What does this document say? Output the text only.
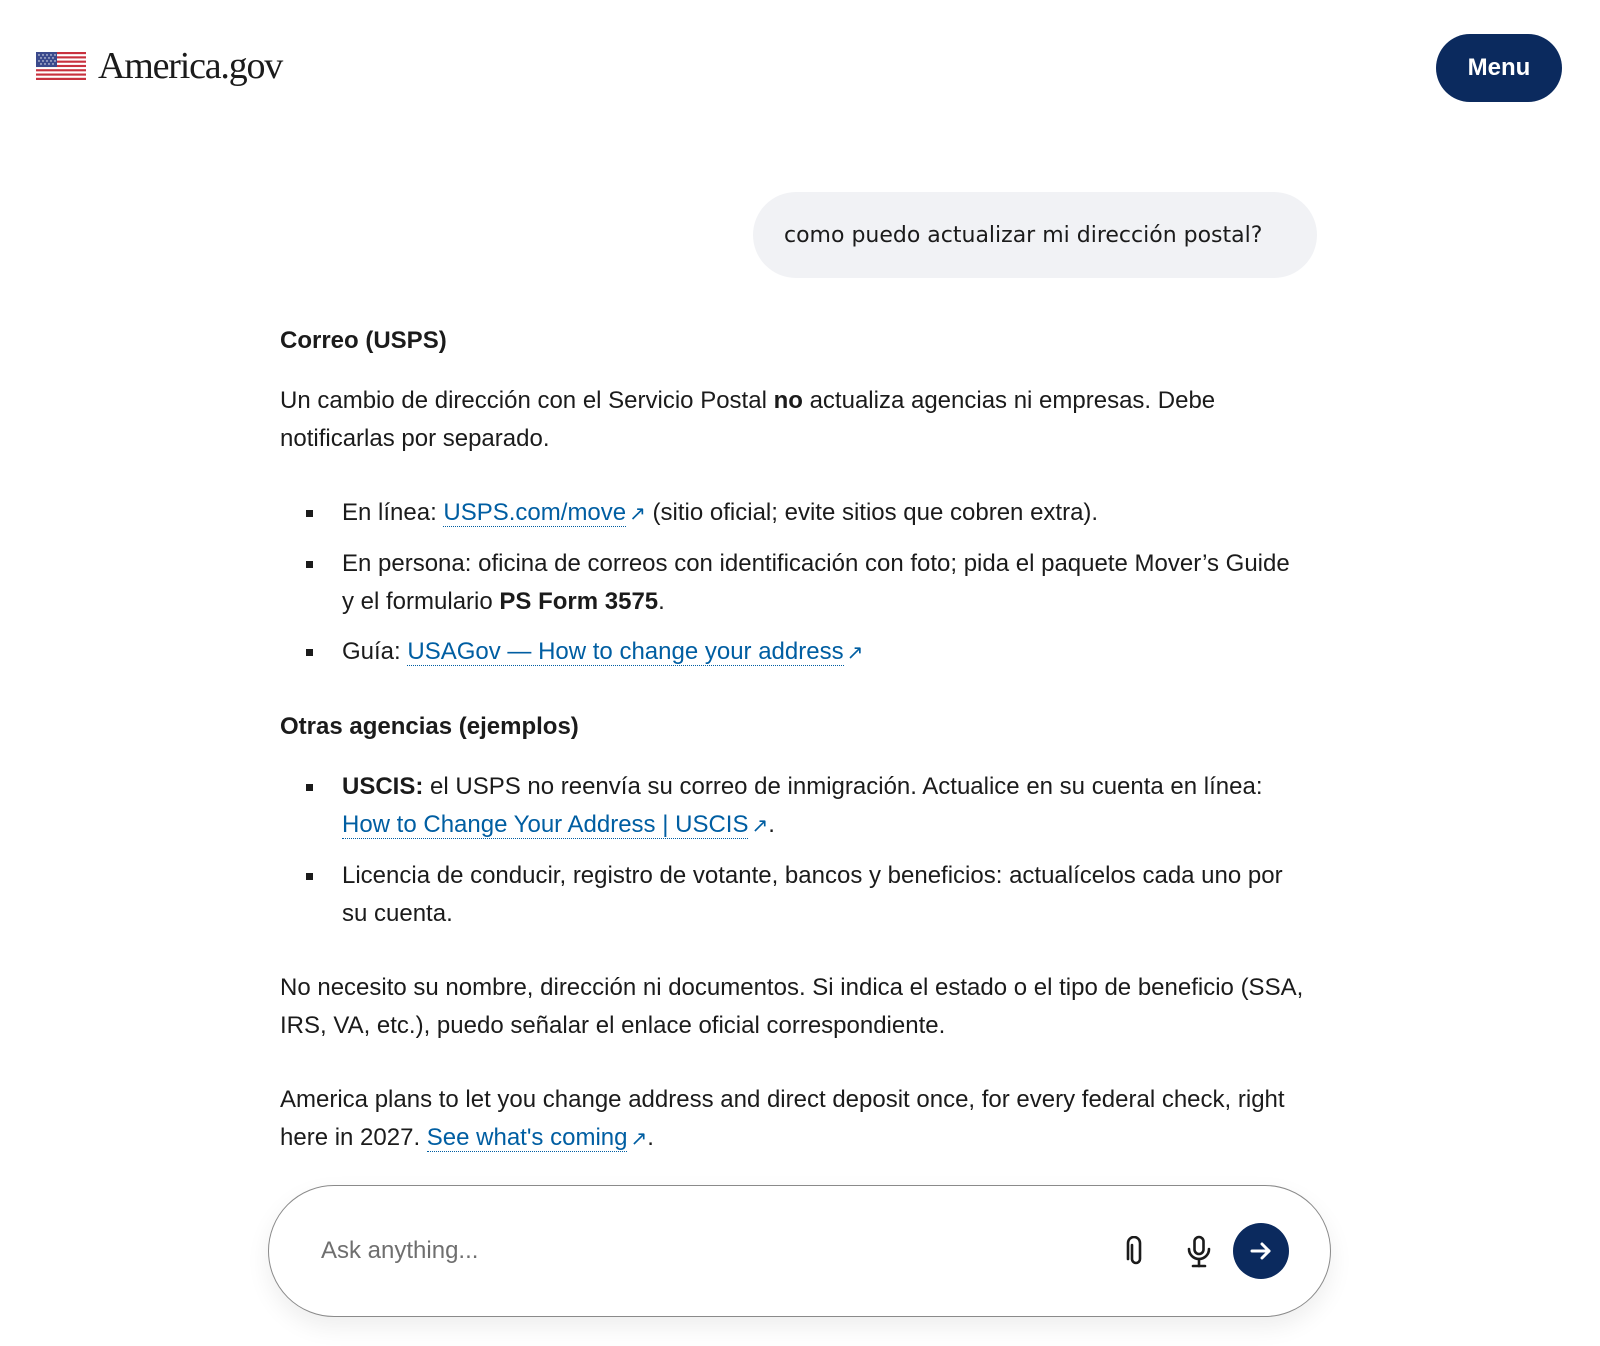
America.gov	Menu
como puedo actualizar mi dirección postal?
Correo (USPS)

Un cambio de dirección con el Servicio Postal no actualiza agencias ni empresas. Debe notificarlas por separado.

En línea: USPS.com/move ↗ (sitio oficial; evite sitios que cobren extra).
En persona: oficina de correos con identificación con foto; pida el paquete Mover’s Guide y el formulario PS Form 3575.
Guía: USAGov — How to change your address ↗
Otras agencias (ejemplos)
USCIS: el USPS no reenvía su correo de inmigración. Actualice en su cuenta en línea: How to Change Your Address | USCIS ↗.
Licencia de conducir, registro de votante, bancos y beneficios: actualícelos cada uno por su cuenta.

No necesito su nombre, dirección ni documentos. Si indica el estado o el tipo de beneficio (SSA, IRS, VA, etc.), puedo señalar el enlace oficial correspondiente.

America plans to let you change address and direct deposit once, for every federal check, right here in 2027. See what's coming ↗.

Ask anything...
